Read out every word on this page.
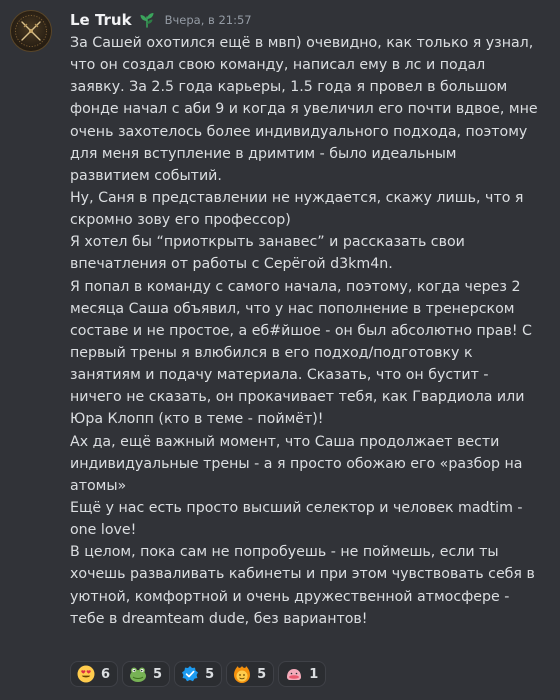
Le Truk	Вчера, в 21:57
За Сашей охотился ещё в мвп) очевидно, как только я узнал,
что он создал свою команду, написал ему в лс и подал
заявку. За 2.5 года карьеры, 1.5 года я провел в большом
фонде начал с аби 9 и когда я увеличил его почти вдвое, мне
очень захотелось более индивидуального подхода, поэтому
для меня вступление в дримтим - было идеальным
развитием событий.
Ну, Саня в представлении не нуждается, скажу лишь, что я
скромно зову его профессор)
Я хотел бы “приоткрыть занавес” и рассказать свои
впечатления от работы с Серёгой d3km4n.
Я попал в команду с самого начала, поэтому, когда через 2
месяца Саша объявил, что у нас пополнение в тренерском
составе и не простое, а еб#йшое - он был абсолютно прав! С
первый трены я влюбился в его подход/подготовку к
занятиям и подачу материала. Сказать, что он бустит -
ничего не сказать, он прокачивает тебя, как Гвардиола или
Юра Клопп (кто в теме - поймёт)!
Ах да, ещё важный момент, что Саша продолжает вести
индивидуальные трены - а я просто обожаю его «разбор на
атомы»
Ещё у нас есть просто высший селектор и человек madtim -
one love!
В целом, пока сам не попробуешь - не поймешь, если ты
хочешь разваливать кабинеты и при этом чувствовать себя в
уютной, комфортной и очень дружественной атмосфере -
тебе в dreamteam dude, без вариантов!
6	5	5	5	1
